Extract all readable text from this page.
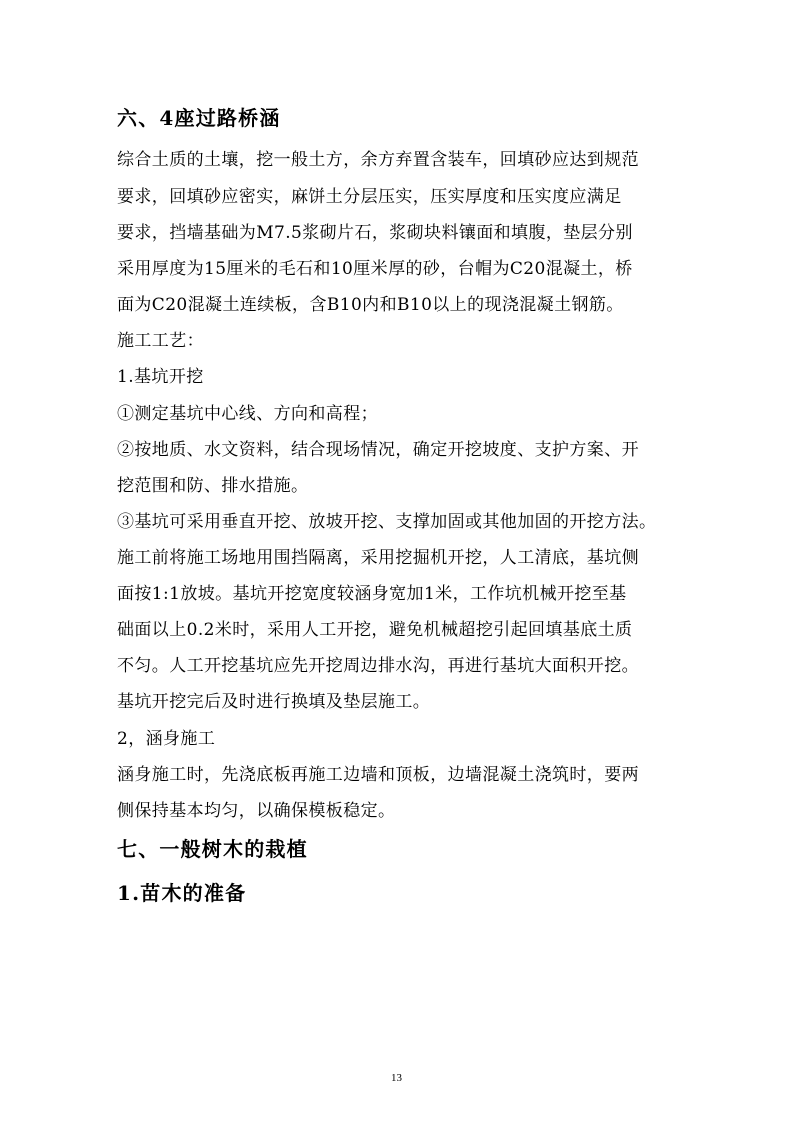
六、4座过路桥涵
综合土质的土壤，挖一般土方，余方弃置含装车，回填砂应达到规范
要求，回填砂应密实，麻饼土分层压实，压实厚度和压实度应满足
要求，挡墙基础为M7.5浆砌片石，浆砌块料镶面和填腹，垫层分别
采用厚度为15厘米的毛石和10厘米厚的砂，台帽为C20混凝土，桥
面为C20混凝土连续板，含B10内和B10以上的现浇混凝土钢筋。
施工工艺：
1.基坑开挖
①测定基坑中心线、方向和高程；
②按地质、水文资料，结合现场情况，确定开挖坡度、支护方案、开
挖范围和防、排水措施。
③基坑可采用垂直开挖、放坡开挖、支撑加固或其他加固的开挖方法。
施工前将施工场地用围挡隔离，采用挖掘机开挖，人工清底，基坑侧
面按1:1放坡。基坑开挖宽度较涵身宽加1米，工作坑机械开挖至基
础面以上0.2米时，采用人工开挖，避免机械超挖引起回填基底土质
不匀。人工开挖基坑应先开挖周边排水沟，再进行基坑大面积开挖。
基坑开挖完后及时进行换填及垫层施工。
2，涵身施工
涵身施工时，先浇底板再施工边墙和顶板，边墙混凝土浇筑时，要两
侧保持基本均匀，以确保模板稳定。
七、一般树木的栽植
1.苗木的准备
13
